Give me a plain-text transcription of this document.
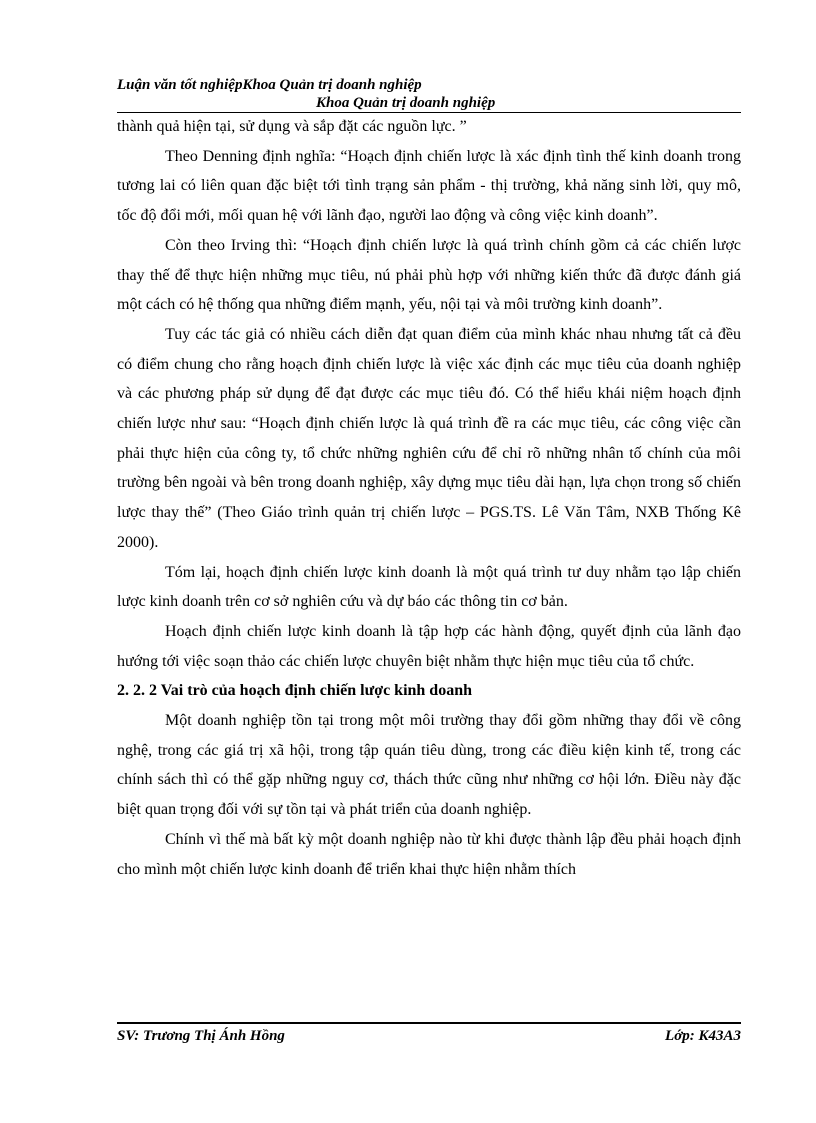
Luận văn tốt nghiệpKhoa Quản trị doanh nghiệp
Khoa Quản trị doanh nghiệp

thành quả hiện tại, sử dụng và sắp đặt các nguồn lực. ”

Theo Denning định nghĩa: “Hoạch định chiến lược là xác định tình thế kinh doanh trong tương lai có liên quan đặc biệt tới tình trạng sản phẩm - thị trường, khả năng sinh lời, quy mô, tốc độ đổi mới, mối quan hệ với lãnh đạo, người lao động và công việc kinh doanh”.

Còn theo Irving thì: “Hoạch định chiến lược là quá trình chính gồm cả các chiến lược thay thế để thực hiện những mục tiêu, nú phải phù hợp với những kiến thức đã được đánh giá một cách có hệ thống qua những điểm mạnh, yếu, nội tại và môi trường kinh doanh”.

Tuy các tác giả có nhiều cách diễn đạt quan điểm của mình khác nhau nhưng tất cả đều có điểm chung cho rằng hoạch định chiến lược là việc xác định các mục tiêu của doanh nghiệp và các phương pháp sử dụng để đạt được các mục tiêu đó. Có thể hiểu khái niệm hoạch định chiến lược như sau: “Hoạch định chiến lược là quá trình đề ra các mục tiêu, các công việc cần phải thực hiện của công ty, tổ chức những nghiên cứu để chỉ rõ những nhân tố chính của môi trường bên ngoài và bên trong doanh nghiệp, xây dựng mục tiêu dài hạn, lựa chọn trong số chiến lược thay thế” (Theo Giáo trình quản trị chiến lược – PGS.TS. Lê Văn Tâm, NXB Thống Kê 2000).

Tóm lại, hoạch định chiến lược kinh doanh là một quá trình tư duy nhằm tạo lập chiến lược kinh doanh trên cơ sở nghiên cứu và dự báo các thông tin cơ bản.

Hoạch định chiến lược kinh doanh là tập hợp các hành động, quyết định của lãnh đạo hướng tới việc soạn thảo các chiến lược chuyên biệt nhằm thực hiện mục tiêu của tổ chức.

2. 2. 2 Vai trò của hoạch định chiến lược kinh doanh

Một doanh nghiệp tồn tại trong một môi trường thay đổi gồm những thay đổi về công nghệ, trong các giá trị xã hội, trong tập quán tiêu dùng, trong các điều kiện kinh tế, trong các chính sách thì có thể gặp những nguy cơ, thách thức cũng như những cơ hội lớn. Điều này đặc biệt quan trọng đối với sự tồn tại và phát triển của doanh nghiệp.

Chính vì thế mà bất kỳ một doanh nghiệp nào từ khi được thành lập đều phải hoạch định cho mình một chiến lược kinh doanh để triển khai thực hiện nhằm thích

SV: Trương Thị Ánh Hồng	Lớp: K43A3
